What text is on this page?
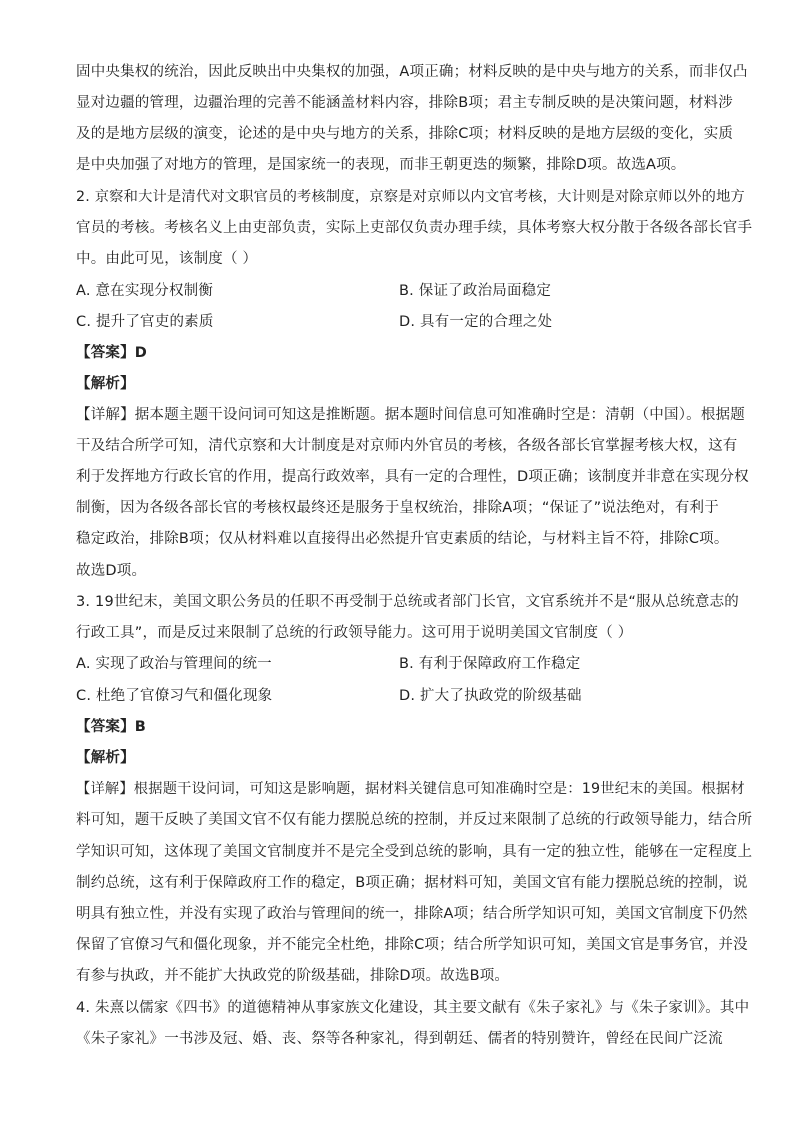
固中央集权的统治，因此反映出中央集权的加强，A项正确；材料反映的是中央与地方的关系，而非仅凸
显对边疆的管理，边疆治理的完善不能涵盖材料内容，排除B项；君主专制反映的是决策问题，材料涉
及的是地方层级的演变，论述的是中央与地方的关系，排除C项；材料反映的是地方层级的变化，实质
是中央加强了对地方的管理，是国家统一的表现，而非王朝更迭的频繁，排除D项。故选A项。
2. 京察和大计是清代对文职官员的考核制度，京察是对京师以内文官考核，大计则是对除京师以外的地方
官员的考核。考核名义上由吏部负责，实际上吏部仅负责办理手续，具体考察大权分散于各级各部长官手
中。由此可见，该制度（ ）
A. 意在实现分权制衡	B. 保证了政治局面稳定
C. 提升了官吏的素质	D. 具有一定的合理之处
【答案】D
【解析】
【详解】据本题主题干设问词可知这是推断题。据本题时间信息可知准确时空是：清朝（中国）。根据题
干及结合所学可知，清代京察和大计制度是对京师内外官员的考核，各级各部长官掌握考核大权，这有
利于发挥地方行政长官的作用，提高行政效率，具有一定的合理性，D项正确；该制度并非意在实现分权
制衡，因为各级各部长官的考核权最终还是服务于皇权统治，排除A项；“保证了”说法绝对，有利于
稳定政治，排除B项；仅从材料难以直接得出必然提升官吏素质的结论，与材料主旨不符，排除C项。
故选D项。
3. 19世纪末，美国文职公务员的任职不再受制于总统或者部门长官，文官系统并不是“服从总统意志的
行政工具”，而是反过来限制了总统的行政领导能力。这可用于说明美国文官制度（ ）
A. 实现了政治与管理间的统一	B. 有利于保障政府工作稳定
C. 杜绝了官僚习气和僵化现象	D. 扩大了执政党的阶级基础
【答案】B
【解析】
【详解】根据题干设问词，可知这是影响题，据材料关键信息可知准确时空是：19世纪末的美国。根据材
料可知，题干反映了美国文官不仅有能力摆脱总统的控制，并反过来限制了总统的行政领导能力，结合所
学知识可知，这体现了美国文官制度并不是完全受到总统的影响，具有一定的独立性，能够在一定程度上
制约总统，这有利于保障政府工作的稳定，B项正确；据材料可知，美国文官有能力摆脱总统的控制，说
明具有独立性，并没有实现了政治与管理间的统一，排除A项；结合所学知识可知，美国文官制度下仍然
保留了官僚习气和僵化现象，并不能完全杜绝，排除C项；结合所学知识可知，美国文官是事务官，并没
有参与执政，并不能扩大执政党的阶级基础，排除D项。故选B项。
4. 朱熹以儒家《四书》的道德精神从事家族文化建设，其主要文献有《朱子家礼》与《朱子家训》。其中
《朱子家礼》一书涉及冠、婚、丧、祭等各种家礼，得到朝廷、儒者的特别赞许，曾经在民间广泛流
